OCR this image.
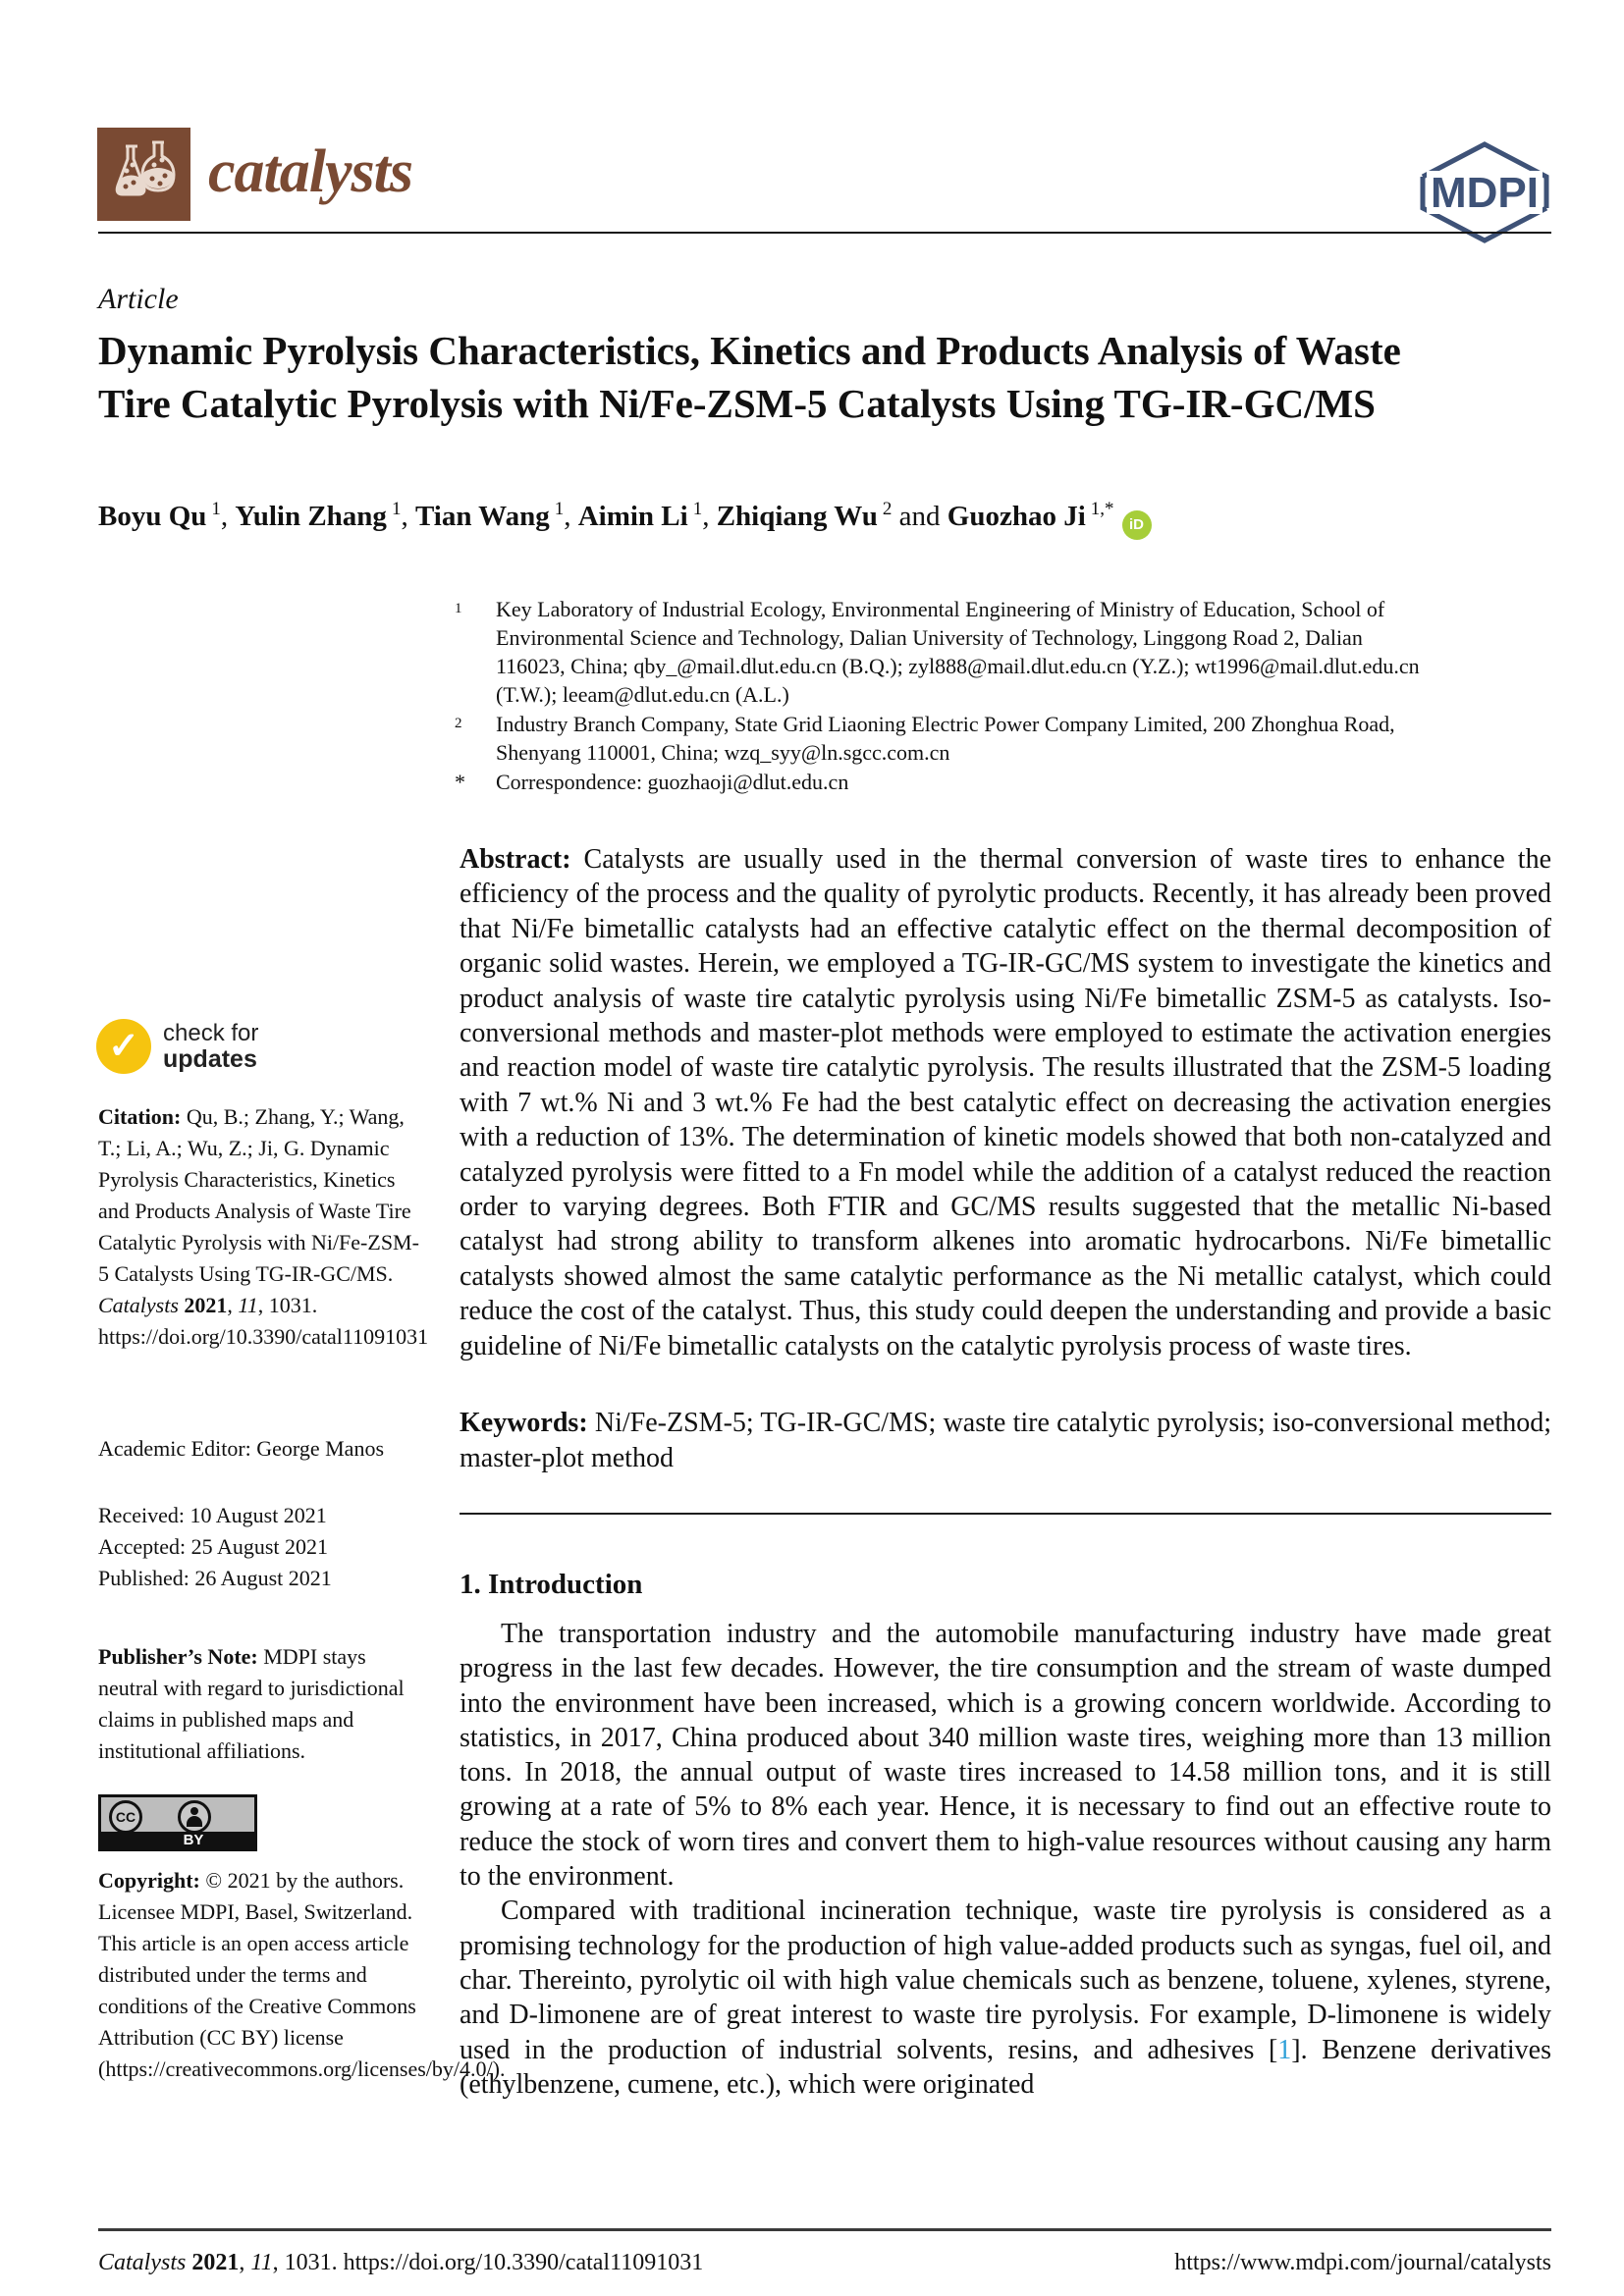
catalysts	MDPI
Article
Dynamic Pyrolysis Characteristics, Kinetics and Products Analysis of Waste Tire Catalytic Pyrolysis with Ni/Fe-ZSM-5 Catalysts Using TG-IR-GC/MS
Boyu Qu $^1$, Yulin Zhang $^1$, Tian Wang $^1$, Aimin Li $^1$, Zhiqiang Wu $^2$ and Guozhao Ji $^{1,*}$iD
1	Key Laboratory of Industrial Ecology, Environmental Engineering of Ministry of Education, School of Environmental Science and Technology, Dalian University of Technology, Linggong Road 2, Dalian 116023, China; qby_@mail.dlut.edu.cn (B.Q.); zyl888@mail.dlut.edu.cn (Y.Z.); wt1996@mail.dlut.edu.cn (T.W.); leeam@dlut.edu.cn (A.L.)
2	Industry Branch Company, State Grid Liaoning Electric Power Company Limited, 200 Zhonghua Road, Shenyang 110001, China; wzq_syy@ln.sgcc.com.cn
*	Correspondence: guozhaoji@dlut.edu.cn
Abstract: Catalysts are usually used in the thermal conversion of waste tires to enhance the efficiency of the process and the quality of pyrolytic products. Recently, it has already been proved that Ni/Fe bimetallic catalysts had an effective catalytic effect on the thermal decomposition of organic solid wastes. Herein, we employed a TG-IR-GC/MS system to investigate the kinetics and product analysis of waste tire catalytic pyrolysis using Ni/Fe bimetallic ZSM-5 as catalysts. Iso-conversional methods and master-plot methods were employed to estimate the activation energies and reaction model of waste tire catalytic pyrolysis. The results illustrated that the ZSM-5 loading with 7 wt.% Ni and 3 wt.% Fe had the best catalytic effect on decreasing the activation energies with a reduction of 13%. The determination of kinetic models showed that both non-catalyzed and catalyzed pyrolysis were fitted to a Fn model while the addition of a catalyst reduced the reaction order to varying degrees. Both FTIR and GC/MS results suggested that the metallic Ni-based catalyst had strong ability to transform alkenes into aromatic hydrocarbons. Ni/Fe bimetallic catalysts showed almost the same catalytic performance as the Ni metallic catalyst, which could reduce the cost of the catalyst. Thus, this study could deepen the understanding and provide a basic guideline of Ni/Fe bimetallic catalysts on the catalytic pyrolysis process of waste tires.
Keywords: Ni/Fe-ZSM-5; TG-IR-GC/MS; waste tire catalytic pyrolysis; iso-conversional method; master-plot method
1. Introduction

The transportation industry and the automobile manufacturing industry have made great progress in the last few decades. However, the tire consumption and the stream of waste dumped into the environment have been increased, which is a growing concern worldwide. According to statistics, in 2017, China produced about 340 million waste tires, weighing more than 13 million tons. In 2018, the annual output of waste tires increased to 14.58 million tons, and it is still growing at a rate of 5% to 8% each year. Hence, it is necessary to find out an effective route to reduce the stock of worn tires and convert them to high-value resources without causing any harm to the environment.

Compared with traditional incineration technique, waste tire pyrolysis is considered as a promising technology for the production of high value-added products such as syngas, fuel oil, and char. Thereinto, pyrolytic oil with high value chemicals such as benzene, toluene, xylenes, styrene, and D-limonene are of great interest to waste tire pyrolysis. For example, D-limonene is widely used in the production of industrial solvents, resins, and adhesives [1]. Benzene derivatives (ethylbenzene, cumene, etc.), which were originated

✓	check for
updates
Citation: Qu, B.; Zhang, Y.; Wang, T.; Li, A.; Wu, Z.; Ji, G. Dynamic Pyrolysis Characteristics, Kinetics and Products Analysis of Waste Tire Catalytic Pyrolysis with Ni/Fe-ZSM-5 Catalysts Using TG-IR-GC/MS. Catalysts 2021, 11, 1031. https://doi.org/10.3390/catal11091031
Academic Editor: George Manos
Received: 10 August 2021
Accepted: 25 August 2021
Published: 26 August 2021
Publisher’s Note: MDPI stays neutral with regard to jurisdictional claims in published maps and institutional affiliations.
CC
BY
Copyright: © 2021 by the authors. Licensee MDPI, Basel, Switzerland. This article is an open access article distributed under the terms and conditions of the Creative Commons Attribution (CC BY) license (https://creativecommons.org/licenses/by/4.0/).
Catalysts 2021, 11, 1031. https://doi.org/10.3390/catal11091031	https://www.mdpi.com/journal/catalysts
